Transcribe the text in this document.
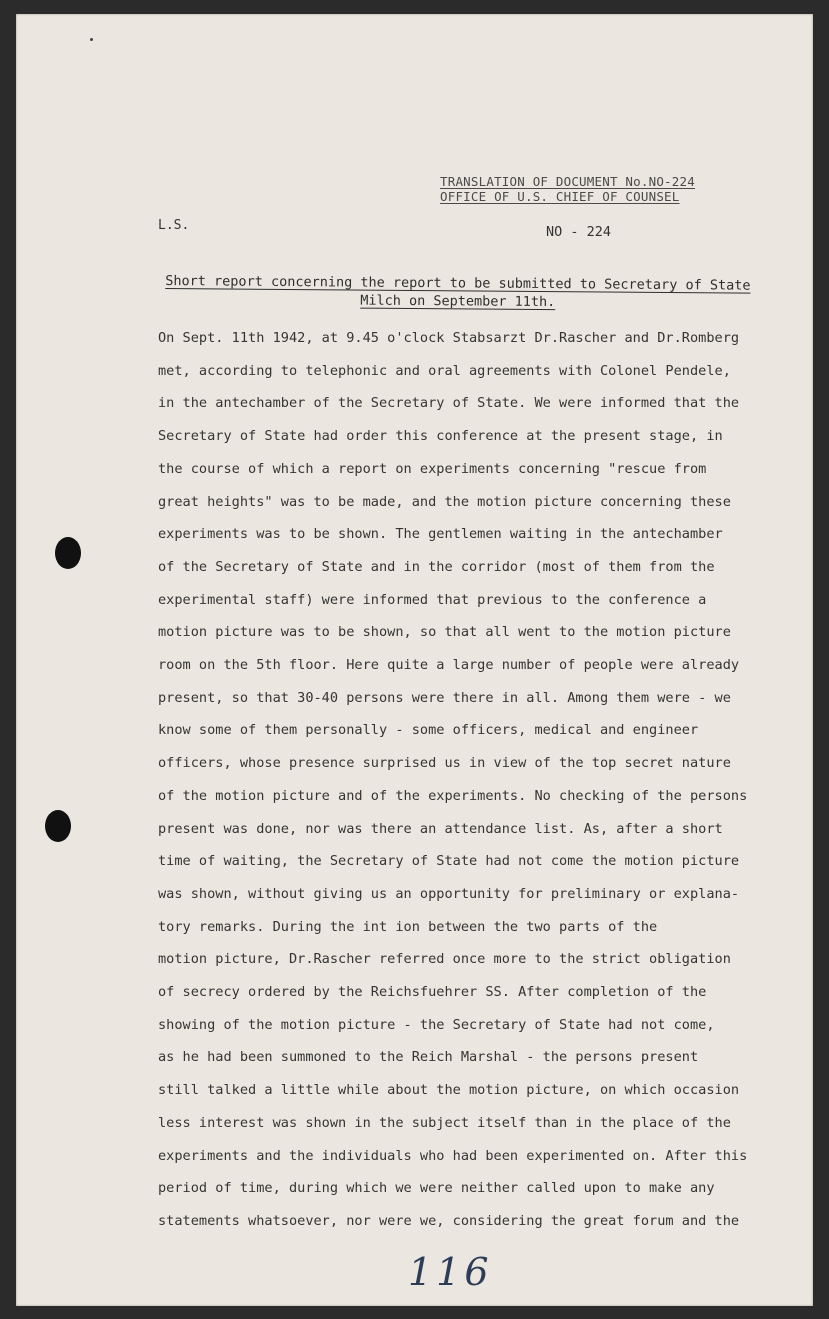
TRANSLATION OF DOCUMENT No.NO-224
OFFICE OF U.S. CHIEF OF COUNSEL
L.S.	NO - 224
Short report concerning the report to be submitted to Secretary of State
Milch on September 11th.

On Sept. 11th 1942, at 9.45 o'clock Stabsarzt Dr.Rascher and Dr.Romberg

met, according to telephonic and oral agreements with Colonel Pendele,

in the antechamber of the Secretary of State. We were informed that the

Secretary of State had order this conference at the present stage, in

the course of which a report on experiments concerning "rescue from

great heights" was to be made, and the motion picture concerning these

experiments was to be shown. The gentlemen waiting in the antechamber

of the Secretary of State and in the corridor (most of them from the

experimental staff) were informed that previous to the conference a

motion picture was to be shown, so that all went to the motion picture

room on the 5th floor. Here quite a large number of people were already

present, so that 30-40 persons were there in all. Among them were - we

know some of them personally - some officers, medical and engineer

officers, whose presence surprised us in view of the top secret nature

of the motion picture and of the experiments. No checking of the persons

present was done, nor was there an attendance list. As, after a short

time of waiting, the Secretary of State had not come the motion picture

was shown, without giving us an opportunity for preliminary or explana-

tory remarks. During the int ion between the two parts of the

motion picture, Dr.Rascher referred once more to the strict obligation

of secrecy ordered by the Reichsfuehrer SS. After completion of the

showing of the motion picture - the Secretary of State had not come,

as he had been summoned to the Reich Marshal - the persons present

still talked a little while about the motion picture, on which occasion

less interest was shown in the subject itself than in the place of the

experiments and the individuals who had been experimented on. After this

period of time, during which we were neither called upon to make any

statements whatsoever, nor were we, considering the great forum and the

116
